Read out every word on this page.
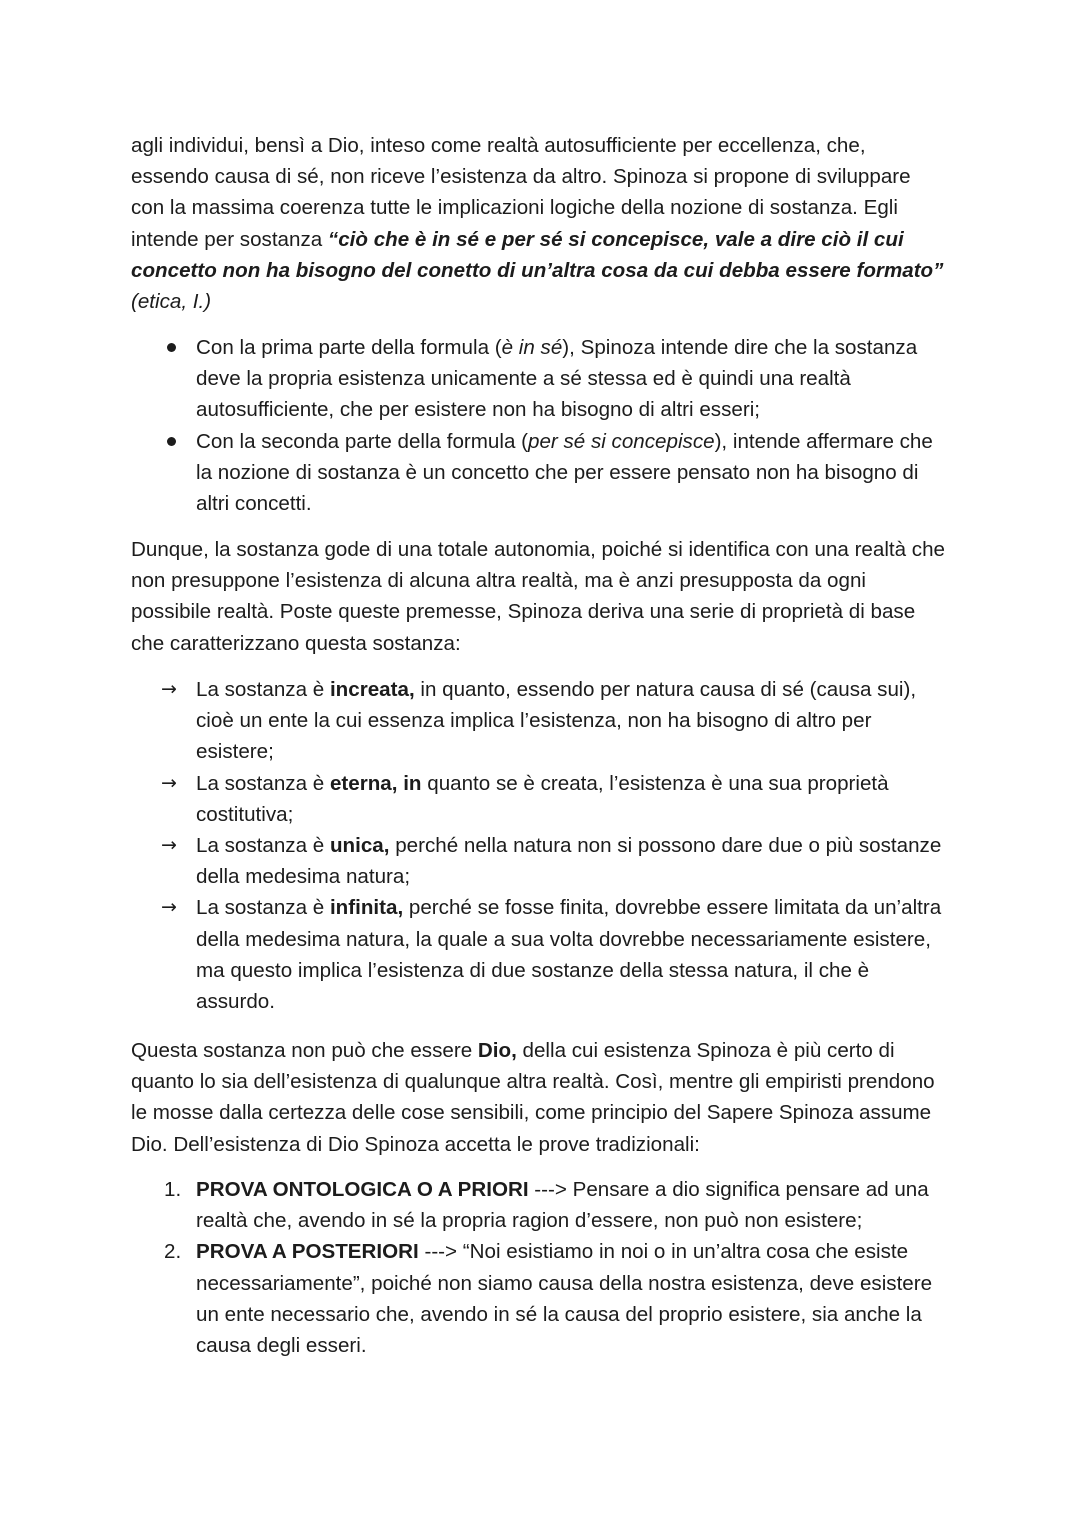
agli individui, bensì a Dio, inteso come realtà autosufficiente per eccellenza, che, essendo causa di sé, non riceve l’esistenza da altro. Spinoza si propone di sviluppare con la massima coerenza tutte le implicazioni logiche della nozione di sostanza. Egli intende per sostanza “ciò che è in sé e per sé si concepisce, vale a dire ciò il cui concetto non ha bisogno del conetto di un’altra cosa da cui debba essere formato”
(etica, I.)

Con la prima parte della formula (è in sé), Spinoza intende dire che la sostanza deve la propria esistenza unicamente a sé stessa ed è quindi una realtà autosufficiente, che per esistere non ha bisogno di altri esseri;
Con la seconda parte della formula (per sé si concepisce), intende affermare che la nozione di sostanza è un concetto che per essere pensato non ha bisogno di altri concetti.

Dunque, la sostanza gode di una totale autonomia, poiché si identifica con una realtà che non presuppone l’esistenza di alcuna altra realtà, ma è anzi presupposta da ogni possibile realtà. Poste queste premesse, Spinoza deriva una serie di proprietà di base che caratterizzano questa sostanza:

→ La sostanza è increata, in quanto, essendo per natura causa di sé (causa sui), cioè un ente la cui essenza implica l’esistenza, non ha bisogno di altro per esistere;
→ La sostanza è eterna, in quanto se è creata, l’esistenza è una sua proprietà costitutiva;
→ La sostanza è unica, perché nella natura non si possono dare due o più sostanze della medesima natura;
→ La sostanza è infinita, perché se fosse finita, dovrebbe essere limitata da un’altra della medesima natura, la quale a sua volta dovrebbe necessariamente esistere, ma questo implica l’esistenza di due sostanze della stessa natura, il che è assurdo.

Questa sostanza non può che essere Dio, della cui esistenza Spinoza è più certo di quanto lo sia dell’esistenza di qualunque altra realtà. Così, mentre gli empiristi prendono le mosse dalla certezza delle cose sensibili, come principio del Sapere Spinoza assume Dio. Dell’esistenza di Dio Spinoza accetta le prove tradizionali:

1. PROVA ONTOLOGICA O A PRIORI ---> Pensare a dio significa pensare ad una realtà che, avendo in sé la propria ragion d’essere, non può non esistere;
2. PROVA A POSTERIORI ---> “Noi esistiamo in noi o in un’altra cosa che esiste necessariamente”, poiché non siamo causa della nostra esistenza, deve esistere un ente necessario che, avendo in sé la causa del proprio esistere, sia anche la causa degli esseri.
